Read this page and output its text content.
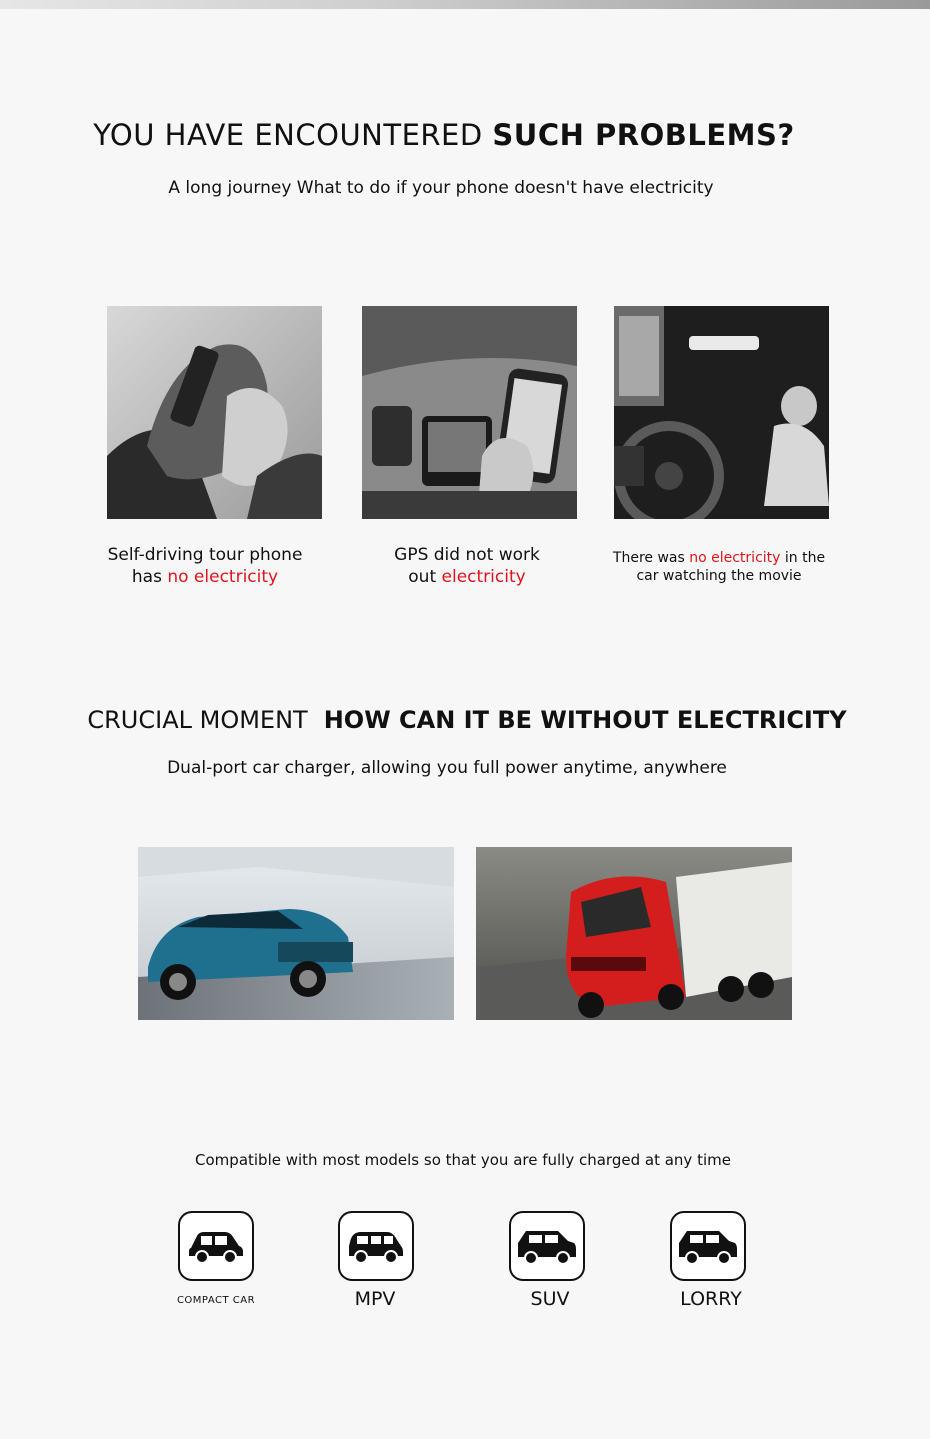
YOU HAVE ENCOUNTERED SUCH PROBLEMS?
A long journey What to do if your phone doesn't have electricity
Self-driving tour phone
has no electricity
GPS did not work
out electricity
There was no electricity in the
car watching the movie
CRUCIAL MOMENT HOW CAN IT BE WITHOUT ELECTRICITY
Dual-port car charger, allowing you full power anytime, anywhere
Compatible with most models so that you are fully charged at any time
COMPACT CAR	MPV	SUV	LORRY
